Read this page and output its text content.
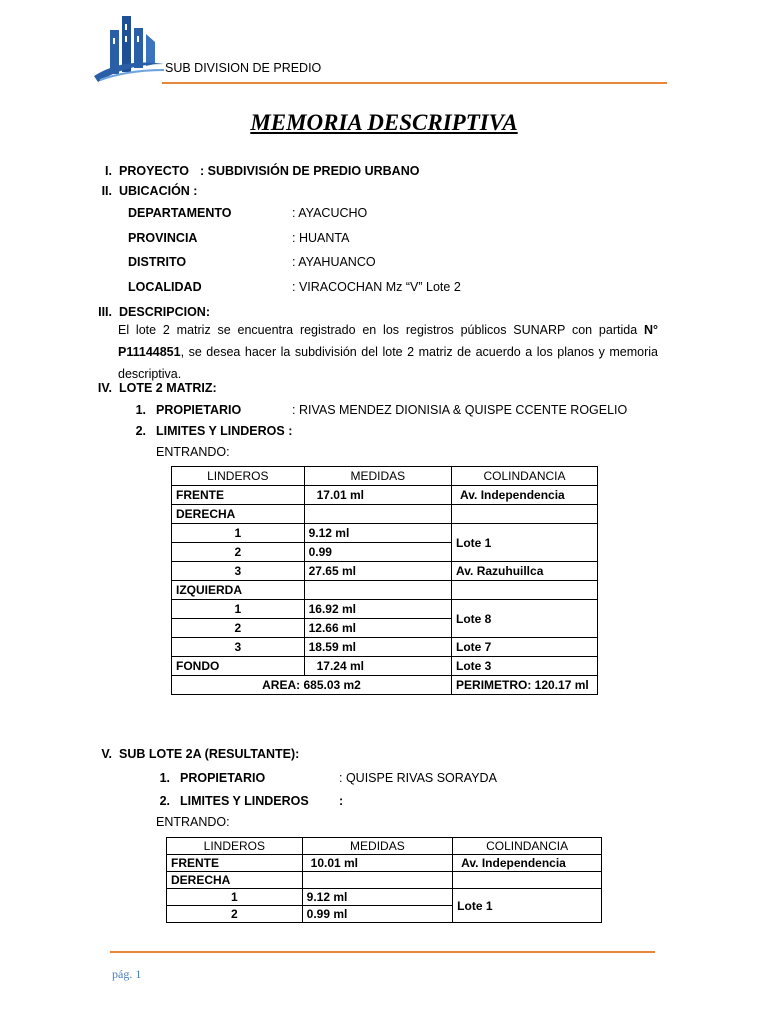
SUB DIVISION DE PREDIO
MEMORIA DESCRIPTIVA
I. PROYECTO : SUBDIVISIÓN DE PREDIO URBANO
II. UBICACIÓN :
DEPARTAMENTO	: AYACUCHO
PROVINCIA	: HUANTA
DISTRITO	: AYAHUANCO
LOCALIDAD	: VIRACOCHAN Mz “V” Lote 2
III. DESCRIPCION:
El lote 2 matriz se encuentra registrado en los registros públicos SUNARP con partida N° P11144851, se desea hacer la subdivisión del lote 2 matriz de acuerdo a los planos y memoria descriptiva.
IV. LOTE 2 MATRIZ:
1. PROPIETARIO	: RIVAS MENDEZ DIONISIA & QUISPE CCENTE ROGELIO
2. LIMITES Y LINDEROS :
ENTRANDO:
LINDEROS	MEDIDAS	COLINDANCIA
FRENTE	17.01 ml	Av. Independencia
DERECHA		
1	9.12 ml	Lote 1
2	0.99	
3	27.65 ml	Av. Razuhuillca
IZQUIERDA		
1	16.92 ml	Lote 8
2	12.66 ml	
3	18.59 ml	Lote 7
FONDO	17.24 ml	Lote 3
AREA: 685.03 m2		PERIMETRO: 120.17 ml
V. SUB LOTE 2A (RESULTANTE):
1. PROPIETARIO	: QUISPE RIVAS SORAYDA
2. LIMITES Y LINDEROS :
ENTRANDO:
LINDEROS	MEDIDAS	COLINDANCIA
FRENTE	10.01 ml	Av. Independencia
DERECHA		
1	9.12 ml	Lote 1
2	0.99 ml	
pág. 1
